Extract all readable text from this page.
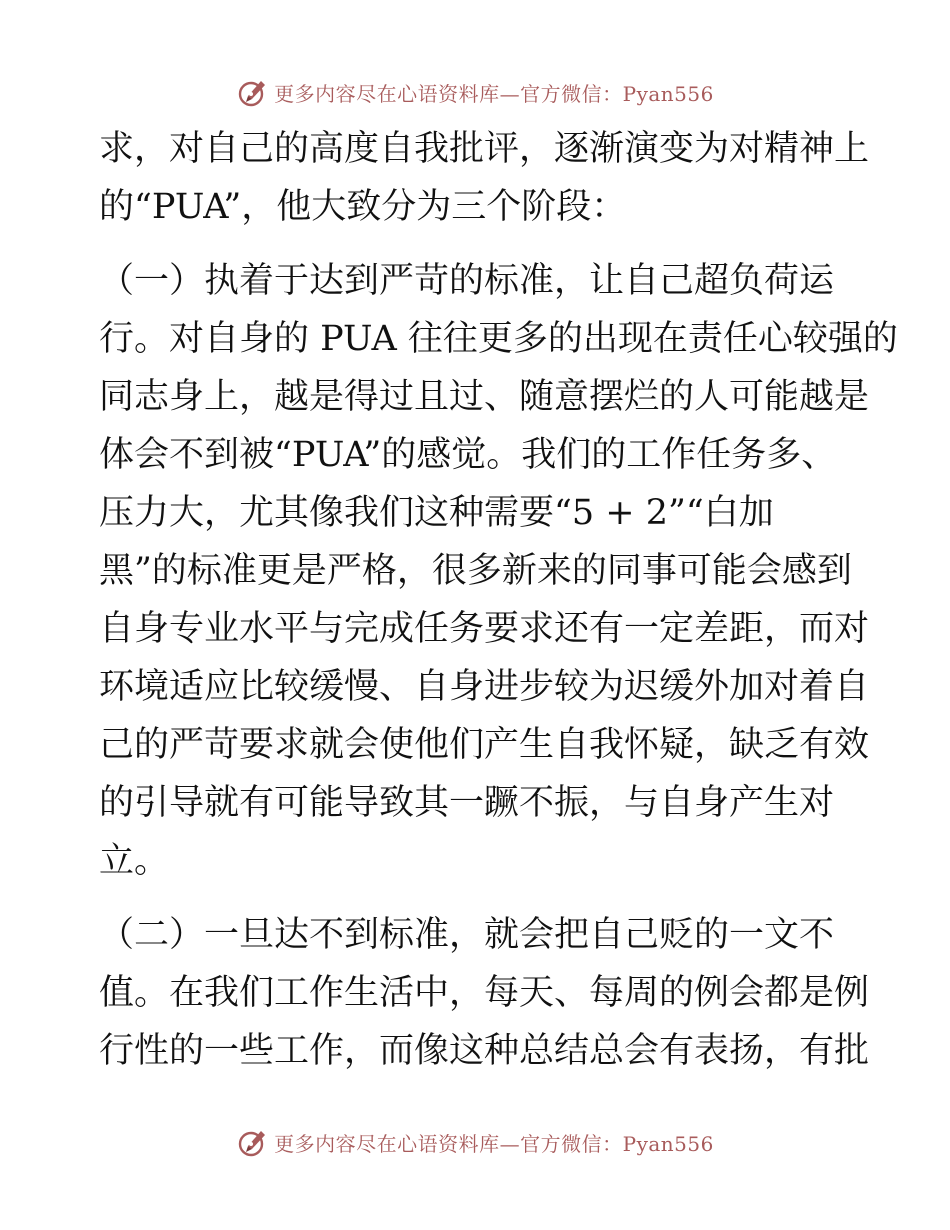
更多内容尽在心语资料库—官方微信：Pyan556

求，对自己的高度自我批评，逐渐演变为对精神上
的“PUA”，他大致分为三个阶段：

（一）执着于达到严苛的标准，让自己超负荷运
行。对自身的 PUA 往往更多的出现在责任心较强的
同志身上，越是得过且过、随意摆烂的人可能越是
体会不到被“PUA”的感觉。我们的工作任务多、
压力大，尤其像我们这种需要“5 + 2”“白加
黑”的标准更是严格，很多新来的同事可能会感到
自身专业水平与完成任务要求还有一定差距，而对
环境适应比较缓慢、自身进步较为迟缓外加对着自
己的严苛要求就会使他们产生自我怀疑，缺乏有效
的引导就有可能导致其一蹶不振，与自身产生对
立。

（二）一旦达不到标准，就会把自己贬的一文不
值。在我们工作生活中，每天、每周的例会都是例
行性的一些工作，而像这种总结总会有表扬，有批

更多内容尽在心语资料库—官方微信：Pyan556
